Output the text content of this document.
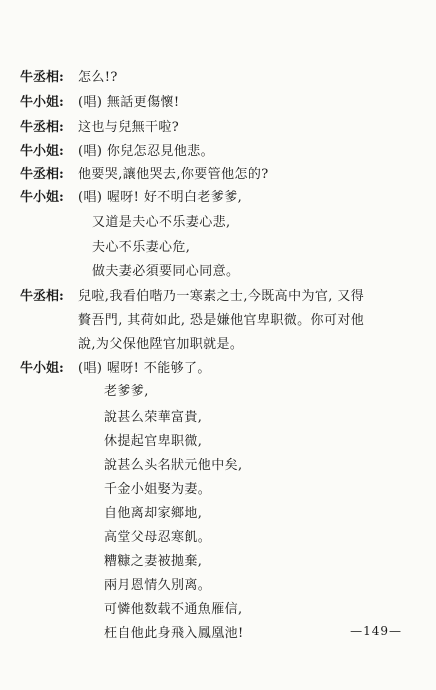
牛丞相: 怎么!?
牛小姐: (唱) 無話更傷懷!
牛丞相: 这也与兒無干啦?
牛小姐: (唱) 你兒怎忍見他悲。
牛丞相: 他要哭,讓他哭去,你要管他怎的?
牛小姐: (唱) 喔呀! 好不明白老爹爹,
又道是夫心不乐妻心悲,
夫心不乐妻心危,
做夫妻必須要同心同意。
牛丞相: 兒啦,我看伯喈乃一寒素之士,今既高中为官, 又得
贅吾門, 其荷如此, 恐是嫌他官卑职微。你可对他
說,为父保他陞官加职就是。
牛小姐: (唱) 喔呀! 不能够了。
老爹爹,
說甚么荣華富貴,
休提起官卑职微,
說甚么头名狀元他中矣,
千金小姐娶为妻。
自他离却家鄉地,
高堂父母忍寒飢。
糟糠之妻被拋棄,
兩月恩情久別离。
可憐他数载不通魚雁信,
枉自他此身飛入鳳凰池!	—149—
